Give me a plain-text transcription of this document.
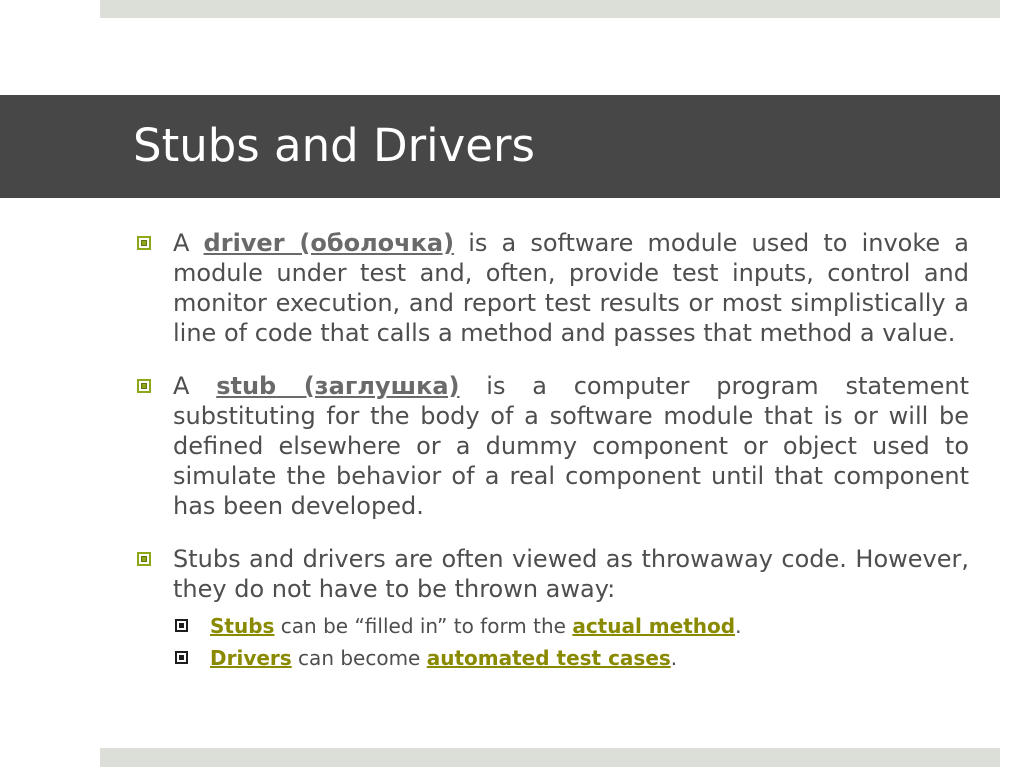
Stubs and Drivers
A driver (оболочка) is a software module used to invoke a module under test and, often, provide test inputs, control and monitor execution, and report test results or most simplistically a line of code that calls a method and passes that method a value.
A stub (заглушка) is a computer program statement substituting for the body of a software module that is or will be defined elsewhere or a dummy component or object used to simulate the behavior of a real component until that component has been developed.
Stubs and drivers are often viewed as throwaway code. However, they do not have to be thrown away:
Stubs can be “filled in” to form the actual method.
Drivers can become automated test cases.
